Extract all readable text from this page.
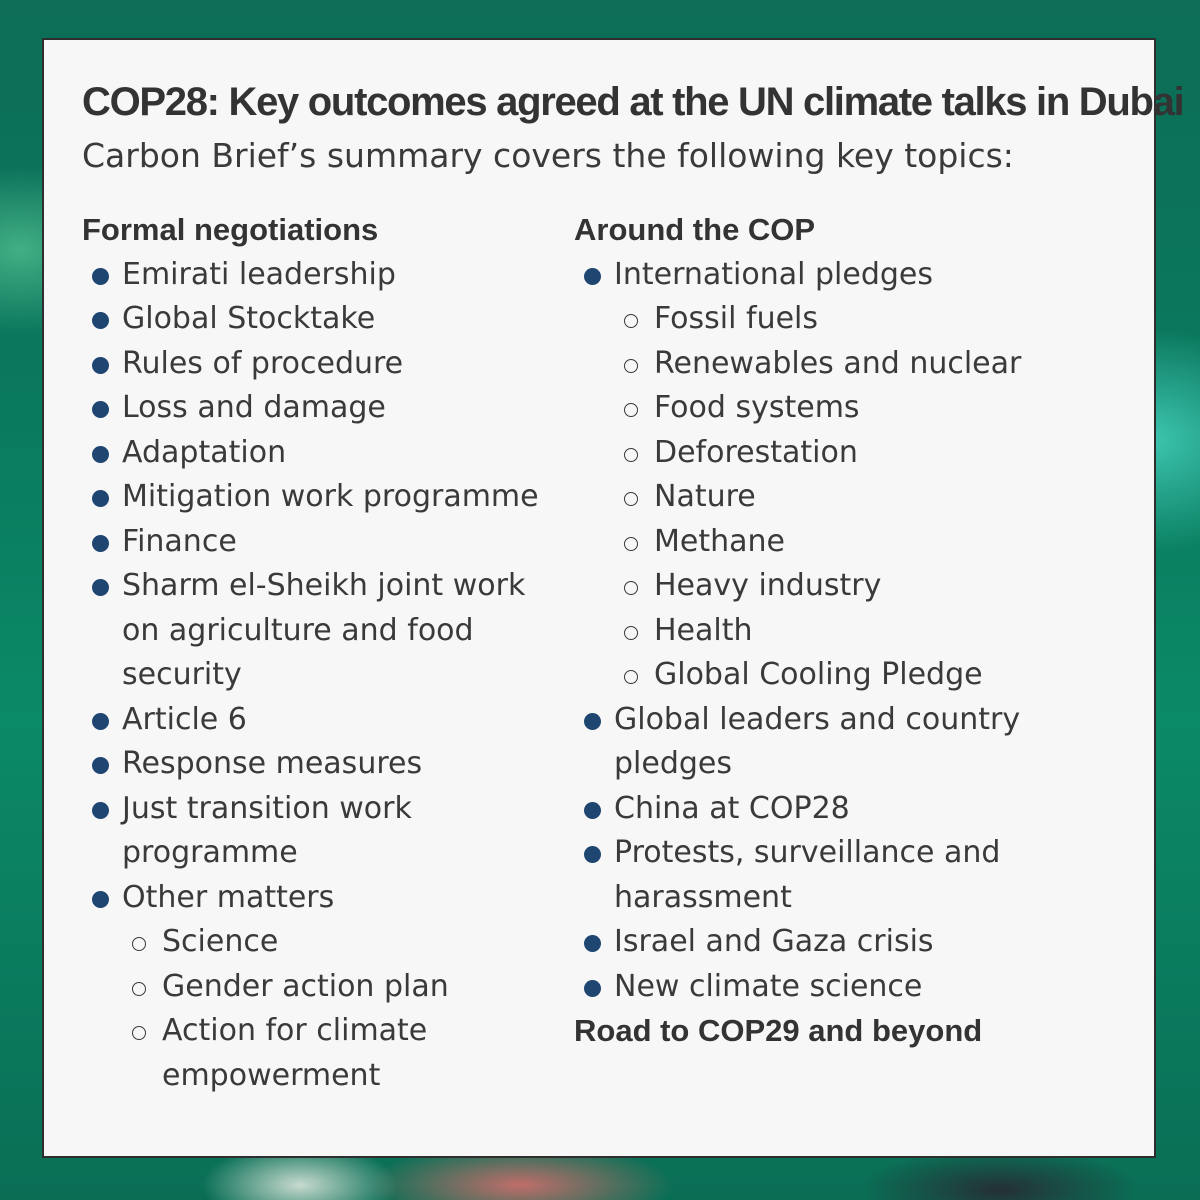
COP28: Key outcomes agreed at the UN climate talks in Dubai

Carbon Brief’s summary covers the following key topics:

Formal negotiations
Emirati leadership
Global Stocktake
Rules of procedure
Loss and damage
Adaptation
Mitigation work programme
Finance
Sharm el-Sheikh joint work on agriculture and food security
Article 6
Response measures
Just transition work programme
Other matters
Science
Gender action plan
Action for climate empowerment
Around the COP
International pledges
Fossil fuels
Renewables and nuclear
Food systems
Deforestation
Nature
Methane
Heavy industry
Health
Global Cooling Pledge
Global leaders and country pledges
China at COP28
Protests, surveillance and harassment
Israel and Gaza crisis
New climate science
Road to COP29 and beyond
